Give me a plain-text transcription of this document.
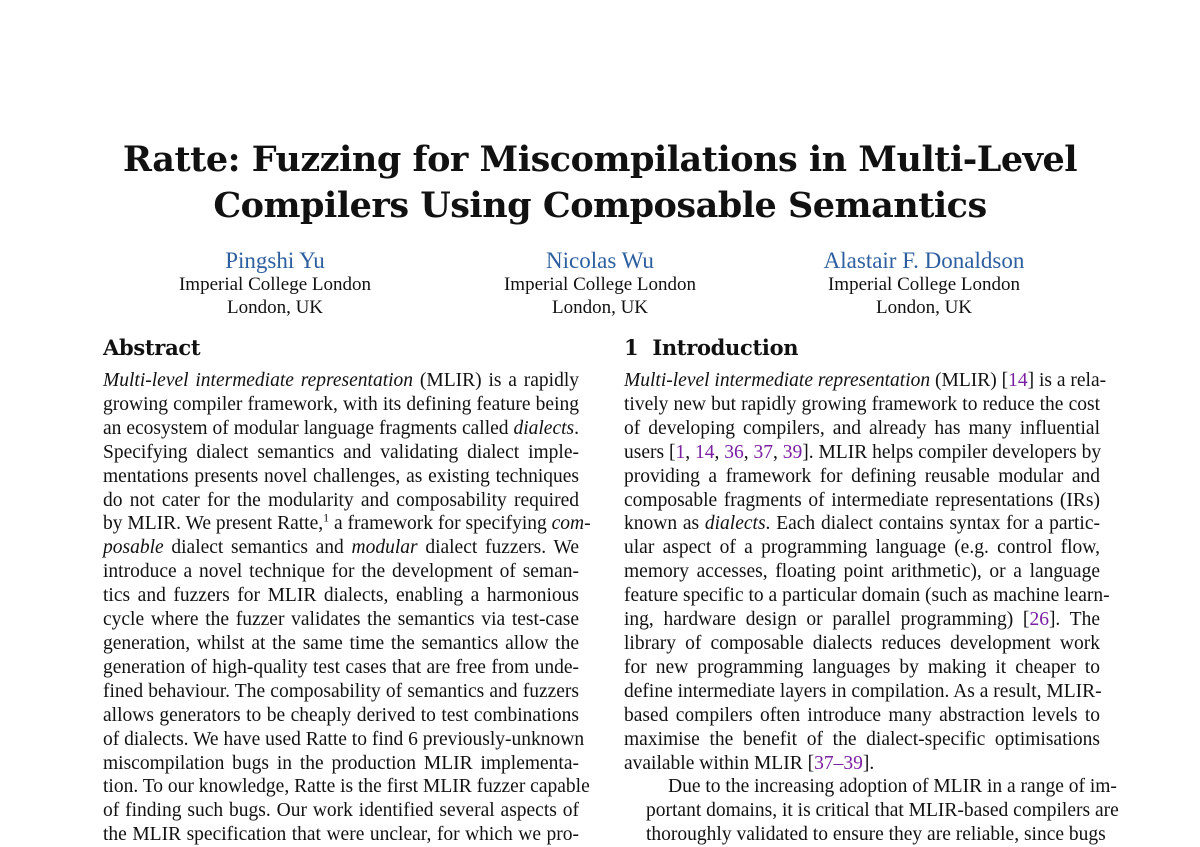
Ratte: Fuzzing for Miscompilations in Multi-Level
Compilers Using Composable Semantics
Pingshi Yu
Imperial College London
London, UK
Nicolas Wu
Imperial College London
London, UK
Alastair F. Donaldson
Imperial College London
London, UK
Abstract

Multi-level intermediate representation (MLIR) is a rapidly
growing compiler framework, with its defining feature being
an ecosystem of modular language fragments called dialects.
Specifying dialect semantics and validating dialect imple-
mentations presents novel challenges, as existing techniques
do not cater for the modularity and composability required
by MLIR. We present Ratte,$^1$ a framework for specifying com-
posable dialect semantics and modular dialect fuzzers. We
introduce a novel technique for the development of seman-
tics and fuzzers for MLIR dialects, enabling a harmonious
cycle where the fuzzer validates the semantics via test-case
generation, whilst at the same time the semantics allow the
generation of high-quality test cases that are free from unde-
fined behaviour. The composability of semantics and fuzzers
allows generators to be cheaply derived to test combinations
of dialects. We have used Ratte to find 6 previously-unknown
miscompilation bugs in the production MLIR implementa-
tion. To our knowledge, Ratte is the first MLIR fuzzer capable
of finding such bugs. Our work identified several aspects of
the MLIR specification that were unclear, for which we pro-

1 Introduction

Multi-level intermediate representation (MLIR) [14] is a rela-
tively new but rapidly growing framework to reduce the cost
of developing compilers, and already has many influential
users [1, 14, 36, 37, 39]. MLIR helps compiler developers by
providing a framework for defining reusable modular and
composable fragments of intermediate representations (IRs)
known as dialects. Each dialect contains syntax for a partic-
ular aspect of a programming language (e.g. control flow,
memory accesses, floating point arithmetic), or a language
feature specific to a particular domain (such as machine learn-
ing, hardware design or parallel programming) [26]. The
library of composable dialects reduces development work
for new programming languages by making it cheaper to
define intermediate layers in compilation. As a result, MLIR-
based compilers often introduce many abstraction levels to
maximise the benefit of the dialect-specific optimisations
available within MLIR [37–39].

Due to the increasing adoption of MLIR in a range of im-
portant domains, it is critical that MLIR-based compilers are
thoroughly validated to ensure they are reliable, since bugs
